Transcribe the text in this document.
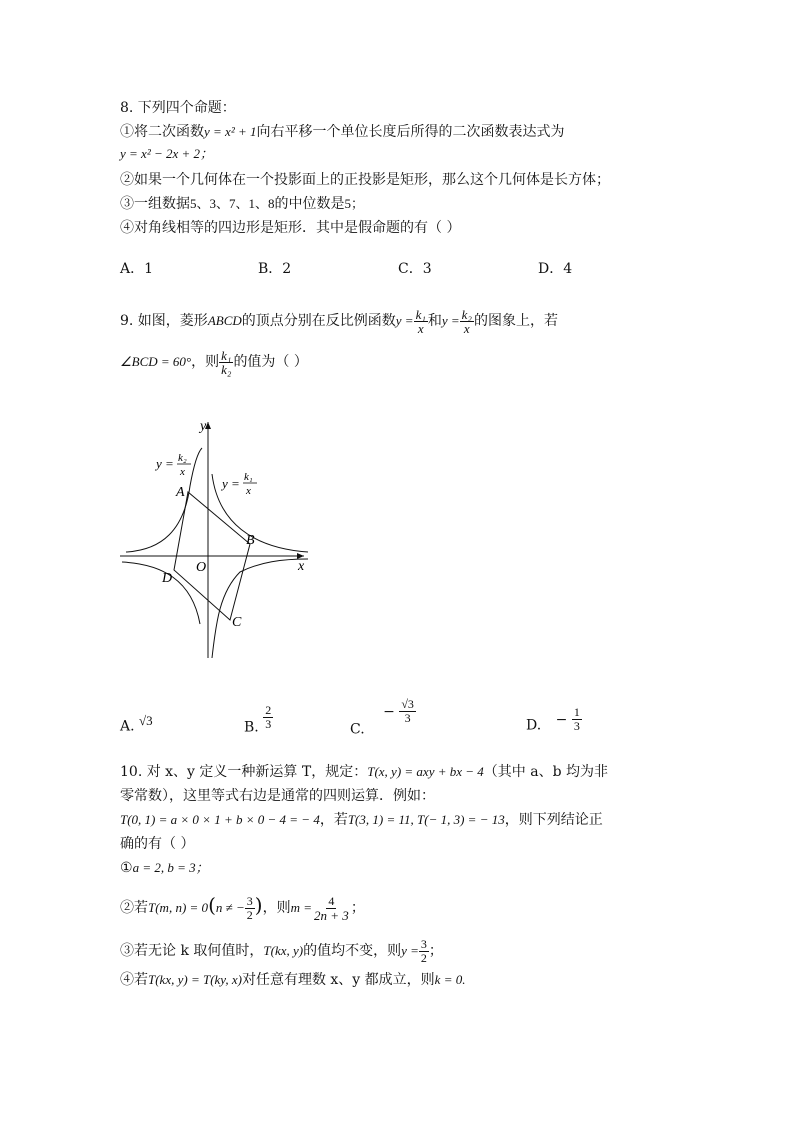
8. 下列四个命题：
①将二次函数y = x² + 1向右平移一个单位长度后所得的二次函数表达式为
y = x² − 2x + 2；
②如果一个几何体在一个投影面上的正投影是矩形，那么这个几何体是长方体；
③一组数据5、3、7、1、8的中位数是5；
④对角线相等的四边形是矩形．其中是假命题的有（ ）
A．1	B．2	C．3	D．4
9. 如图，菱形ABCD的顶点分别在反比例函数$y = \frac{\text{k₁}}{x}$ 和$y = \frac{\text{k₂}}{x}$ 的图象上，若
∠BCD = 60°，则 $\frac{\text{k₁}}{\text{k₂}}$ 的值为（ ）
y
x
O
A
B
C
D
y = k₂
x
y = k₁
x
A. √3	B. $\frac{2}{3}$	C. − $\frac{√3}{3}$
D. − $\frac{1}{3}$
10. 对 x、y 定义一种新运算 T，规定：T(x, y) = axy + bx − 4（其中 a、b 均为非
零常数），这里等式右边是通常的四则运算．例如：
T(0, 1) = a × 0 × 1 + b × 0 − 4 = − 4，若T(3, 1) = 11, T(− 1, 3) = − 13，则下列结论正
确的有（ ）
①a = 2, b = 3；
②若T(m, n) = 0(n ≠ − $\frac{3}{2}$ )，则$m = \frac{4}{2n + 3}$ ；
③若无论 k 取何值时，T(kx, y)的值均不变，则$y = \frac{3}{2}$ ；
④若T(kx, y) = T(ky, x)对任意有理数 x、y 都成立，则k = 0.
